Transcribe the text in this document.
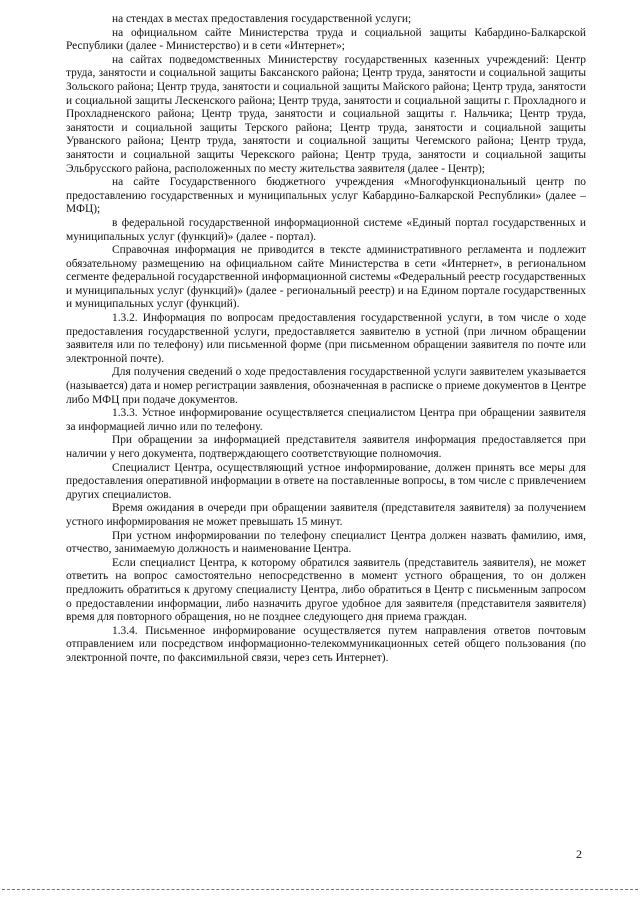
на стендах в местах предоставления государственной услуги;

на официальном сайте Министерства труда и социальной защиты Кабардино-Балкарской Республики (далее - Министерство) и в сети «Интернет»;

на сайтах подведомственных Министерству государственных казенных учреждений: Центр труда, занятости и социальной защиты Баксанского района; Центр труда, занятости и социальной защиты Зольского района; Центр труда, занятости и социальной защиты Майского района; Центр труда, занятости и социальной защиты Лескенского района; Центр труда, занятости и социальной защиты г. Прохладного и Прохладненского района; Центр труда, занятости и социальной защиты г. Нальчика; Центр труда, занятости и социальной защиты Терского района; Центр труда, занятости и социальной защиты Урванского района; Центр труда, занятости и социальной защиты Чегемского района; Центр труда, занятости и социальной защиты Черекского района; Центр труда, занятости и социальной защиты Эльбрусского района, расположенных по месту жительства заявителя (далее - Центр);

на сайте Государственного бюджетного учреждения «Многофункциональный центр по предоставлению государственных и муниципальных услуг Кабардино-Балкарской Республики» (далее – МФЦ);

в федеральной государственной информационной системе «Единый портал государственных и муниципальных услуг (функций)» (далее - портал).

Справочная информация не приводится в тексте административного регламента и подлежит обязательному размещению на официальном сайте Министерства в сети «Интернет», в региональном сегменте федеральной государственной информационной системы «Федеральный реестр государственных и муниципальных услуг (функций)» (далее - региональный реестр) и на Едином портале государственных и муниципальных услуг (функций).

1.3.2. Информация по вопросам предоставления государственной услуги, в том числе о ходе предоставления государственной услуги, предоставляется заявителю в устной (при личном обращении заявителя или по телефону) или письменной форме (при письменном обращении заявителя по почте или электронной почте).

Для получения сведений о ходе предоставления государственной услуги заявителем указывается (называется) дата и номер регистрации заявления, обозначенная в расписке о приеме документов в Центре либо МФЦ при подаче документов.

1.3.3. Устное информирование осуществляется специалистом Центра при обращении заявителя за информацией лично или по телефону.

При обращении за информацией представителя заявителя информация предоставляется при наличии у него документа, подтверждающего соответствующие полномочия.

Специалист Центра, осуществляющий устное информирование, должен принять все меры для предоставления оперативной информации в ответе на поставленные вопросы, в том числе с привлечением других специалистов.

Время ожидания в очереди при обращении заявителя (представителя заявителя) за получением устного информирования не может превышать 15 минут.

При устном информировании по телефону специалист Центра должен назвать фамилию, имя, отчество, занимаемую должность и наименование Центра.

Если специалист Центра, к которому обратился заявитель (представитель заявителя), не может ответить на вопрос самостоятельно непосредственно в момент устного обращения, то он должен предложить обратиться к другому специалисту Центра, либо обратиться в Центр с письменным запросом о предоставлении информации, либо назначить другое удобное для заявителя (представителя заявителя) время для повторного обращения, но не позднее следующего дня приема граждан.

1.3.4. Письменное информирование осуществляется путем направления ответов почтовым отправлением или посредством информационно-телекоммуникационных сетей общего пользования (по электронной почте, по факсимильной связи, через сеть Интернет).

2
